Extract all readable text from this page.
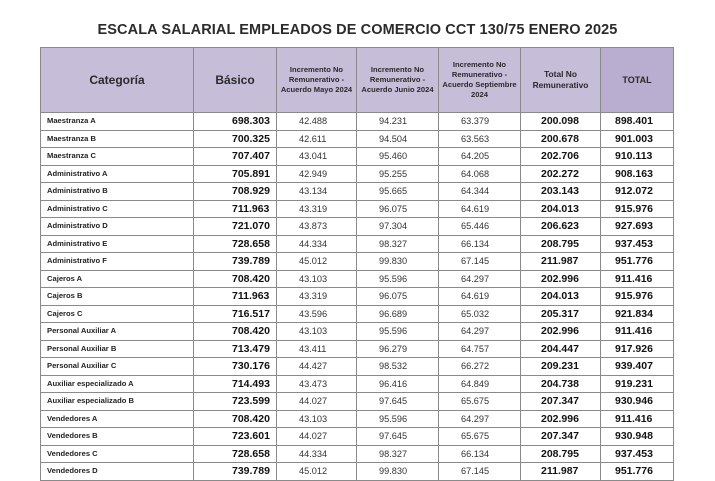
ESCALA SALARIAL EMPLEADOS DE COMERCIO CCT 130/75 ENERO 2025
Categoría	Básico	Incremento No Remunerativo - Acuerdo Mayo 2024	Incremento No Remunerativo - Acuerdo Junio 2024	Incremento No Remunerativo - Acuerdo Septiembre 2024	Total No Remunerativo	TOTAL
Maestranza A	698.303	42.488	94.231	63.379	200.098	898.401
Maestranza B	700.325	42.611	94.504	63.563	200.678	901.003
Maestranza C	707.407	43.041	95.460	64.205	202.706	910.113
Administrativo A	705.891	42.949	95.255	64.068	202.272	908.163
Administrativo B	708.929	43.134	95.665	64.344	203.143	912.072
Administrativo C	711.963	43.319	96.075	64.619	204.013	915.976
Administrativo D	721.070	43.873	97.304	65.446	206.623	927.693
Administrativo E	728.658	44.334	98.327	66.134	208.795	937.453
Administrativo F	739.789	45.012	99.830	67.145	211.987	951.776
Cajeros A	708.420	43.103	95.596	64.297	202.996	911.416
Cajeros B	711.963	43.319	96.075	64.619	204.013	915.976
Cajeros C	716.517	43.596	96.689	65.032	205.317	921.834
Personal Auxiliar A	708.420	43.103	95.596	64.297	202.996	911.416
Personal Auxiliar B	713.479	43.411	96.279	64.757	204.447	917.926
Personal Auxiliar C	730.176	44.427	98.532	66.272	209.231	939.407
Auxiliar especializado A	714.493	43.473	96.416	64.849	204.738	919.231
Auxiliar especializado B	723.599	44.027	97.645	65.675	207.347	930.946
Vendedores A	708.420	43.103	95.596	64.297	202.996	911.416
Vendedores B	723.601	44.027	97.645	65.675	207.347	930.948
Vendedores C	728.658	44.334	98.327	66.134	208.795	937.453
Vendedores D	739.789	45.012	99.830	67.145	211.987	951.776
